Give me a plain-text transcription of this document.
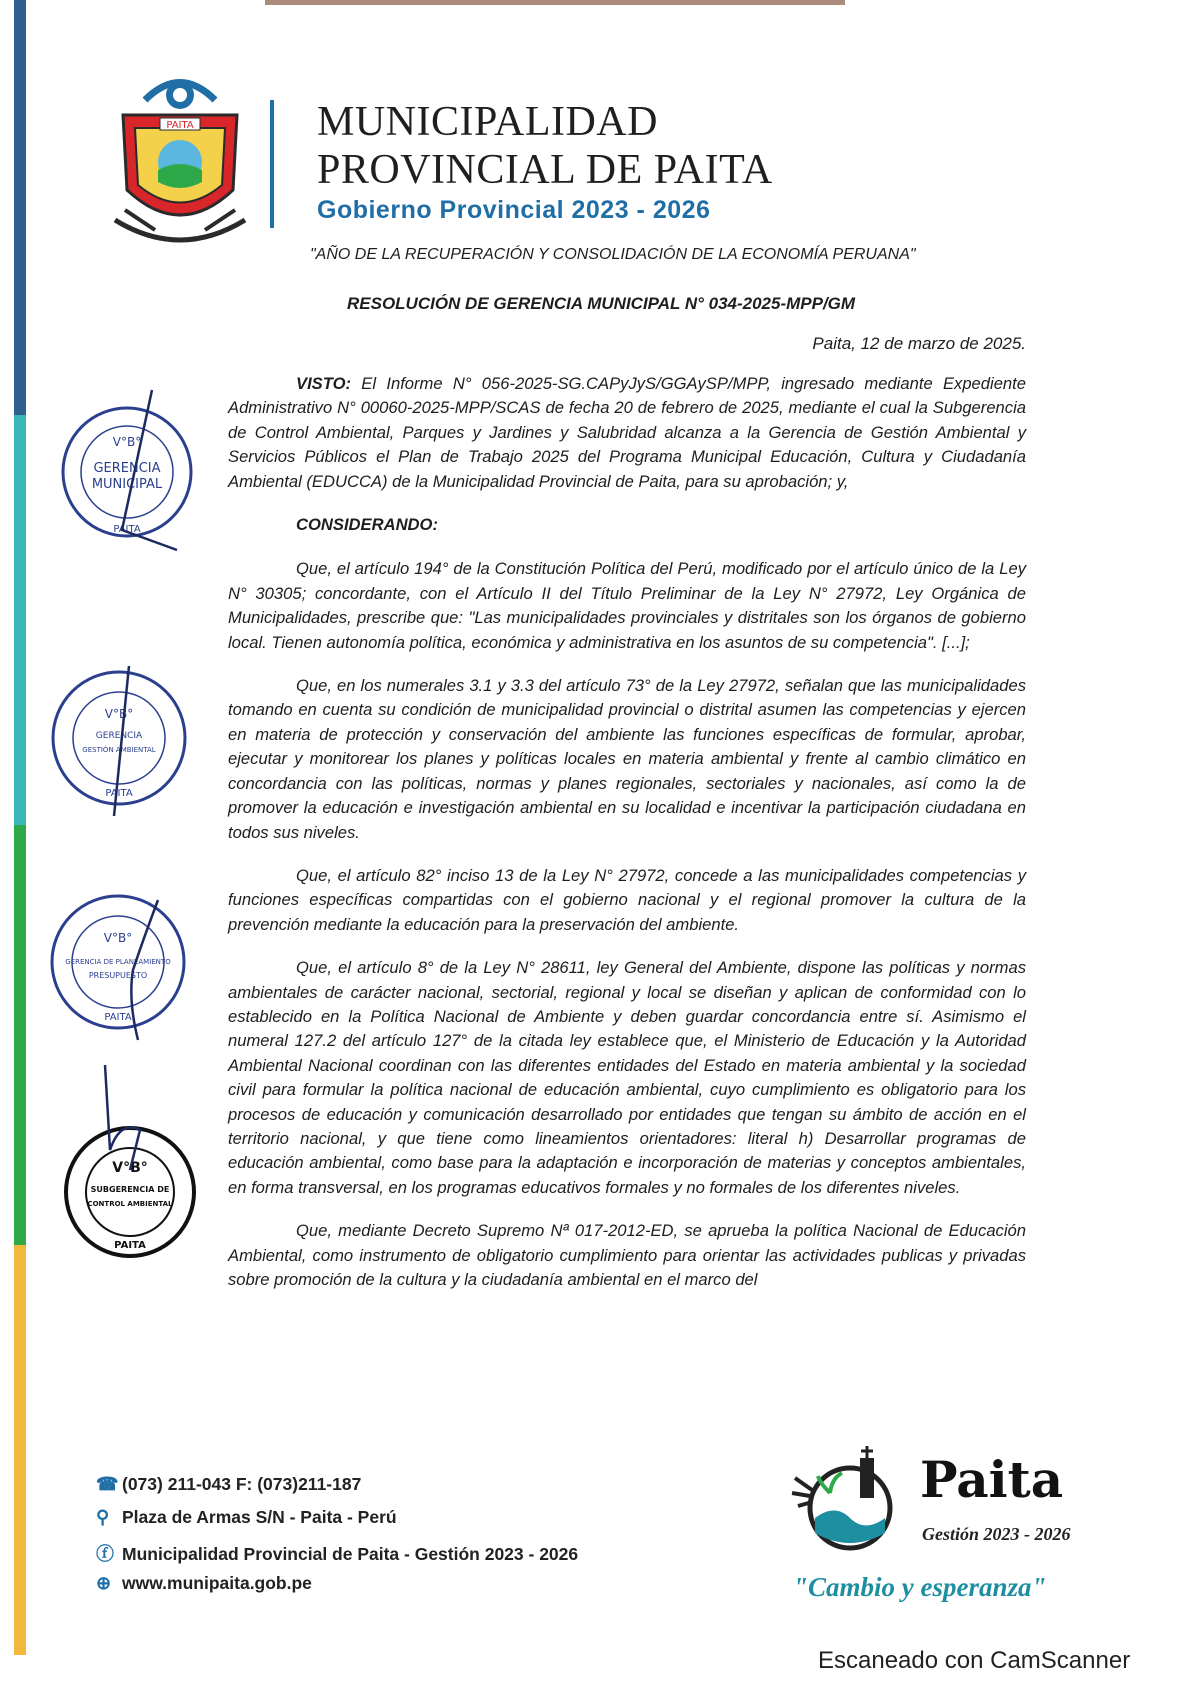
PAITA	MUNICIPALIDAD
PROVINCIAL DE PAITA
Gobierno Provincial 2023 - 2026
"AÑO DE LA RECUPERACIÓN Y CONSOLIDACIÓN DE LA ECONOMÍA PERUANA"
RESOLUCIÓN DE GERENCIA MUNICIPAL N° 034-2025-MPP/GM
Paita, 12 de marzo de 2025.

VISTO: El Informe N° 056-2025-SG.CAPyJyS/GGAySP/MPP, ingresado mediante Expediente Administrativo N° 00060-2025-MPP/SCAS de fecha 20 de febrero de 2025, mediante el cual la Subgerencia de Control Ambiental, Parques y Jardines y Salubridad alcanza a la Gerencia de Gestión Ambiental y Servicios Públicos el Plan de Trabajo 2025 del Programa Municipal Educación, Cultura y Ciudadanía Ambiental (EDUCCA) de la Municipalidad Provincial de Paita, para su aprobación; y,

CONSIDERANDO:

Que, el artículo 194° de la Constitución Política del Perú, modificado por el artículo único de la Ley N° 30305; concordante, con el Artículo II del Título Preliminar de la Ley N° 27972, Ley Orgánica de Municipalidades, prescribe que: "Las municipalidades provinciales y distritales son los órganos de gobierno local. Tienen autonomía política, económica y administrativa en los asuntos de su competencia". [...];

Que, en los numerales 3.1 y 3.3 del artículo 73° de la Ley 27972, señalan que las municipalidades tomando en cuenta su condición de municipalidad provincial o distrital asumen las competencias y ejercen en materia de protección y conservación del ambiente las funciones específicas de formular, aprobar, ejecutar y monitorear los planes y políticas locales en materia ambiental y frente al cambio climático en concordancia con las políticas, normas y planes regionales, sectoriales y nacionales, así como la de promover la educación e investigación ambiental en su localidad e incentivar la participación ciudadana en todos sus niveles.

Que, el artículo 82° inciso 13 de la Ley N° 27972, concede a las municipalidades competencias y funciones específicas compartidas con el gobierno nacional y el regional promover la cultura de la prevención mediante la educación para la preservación del ambiente.

Que, el artículo 8° de la Ley N° 28611, ley General del Ambiente, dispone las políticas y normas ambientales de carácter nacional, sectorial, regional y local se diseñan y aplican de conformidad con lo establecido en la Política Nacional de Ambiente y deben guardar concordancia entre sí. Asimismo el numeral 127.2 del artículo 127° de la citada ley establece que, el Ministerio de Educación y la Autoridad Ambiental Nacional coordinan con las diferentes entidades del Estado en materia ambiental y la sociedad civil para formular la política nacional de educación ambiental, cuyo cumplimiento es obligatorio para los procesos de educación y comunicación desarrollado por entidades que tengan su ámbito de acción en el territorio nacional, y que tiene como lineamientos orientadores: literal h) Desarrollar programas de educación ambiental, como base para la adaptación e incorporación de materias y conceptos ambientales, en forma transversal, en los programas educativos formales y no formales de los diferentes niveles.

Que, mediante Decreto Supremo Nª 017-2012-ED, se aprueba la política Nacional de Educación Ambiental, como instrumento de obligatorio cumplimiento para orientar las actividades publicas y privadas sobre promoción de la cultura y la ciudadanía ambiental en el marco del

V°B°
GERENCIA
MUNICIPAL
PAITA
V°B°
GERENCIA
GESTIÓN AMBIENTAL
PAITA
V°B°
GERENCIA DE PLANEAMIENTO
PRESUPUESTO
PAITA
V°B°
SUBGERENCIA DE
CONTROL AMBIENTAL
PAITA
☎ (073) 211-043 F: (073)211-187
⚲ Plaza de Armas S/N - Paita - Perú
ⓕ Municipalidad Provincial de Paita - Gestión 2023 - 2026
⊕ www.munipaita.gob.pe
Paita
Gestión 2023 - 2026
"Cambio y esperanza"
Escaneado con CamScanner
